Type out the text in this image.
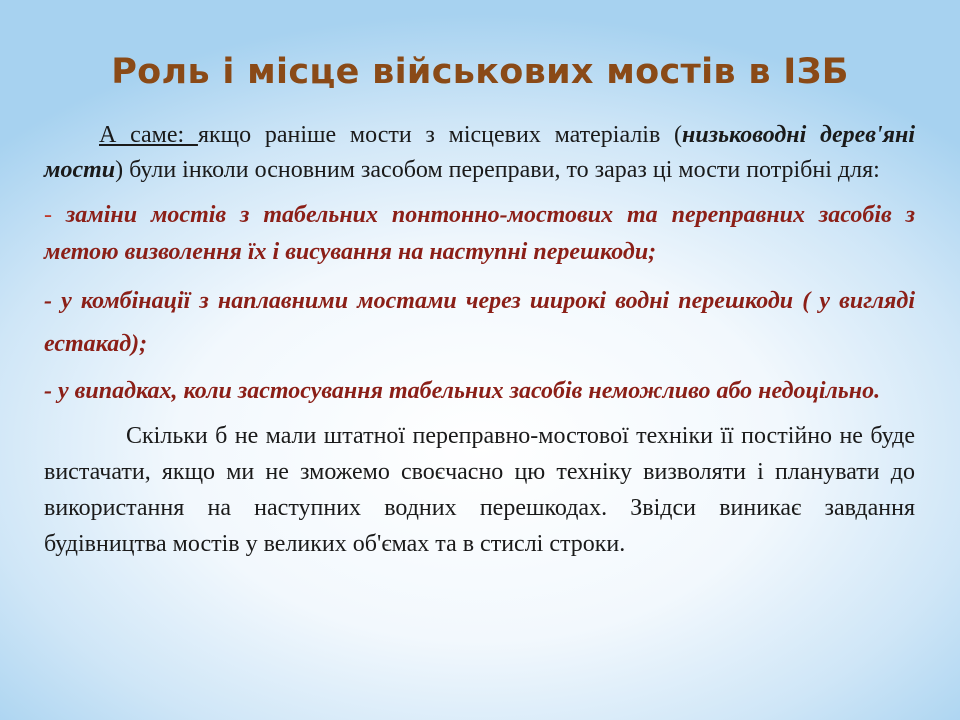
Роль і місце військових мостів в ІЗБ

А саме: якщо раніше мости з місцевих матеріалів (низьководні дерев'яні мости) були інколи основним засобом переправи, то зараз ці мости потрібні для:

- заміни мостів з табельних понтонно-мостових та переправних засобів з метою визволення їх і висування на наступні перешкоди;

- у комбінації з наплавними мостами через широкі водні перешкоди ( у вигляді естакад);

- у випадках, коли застосування табельних засобів неможливо або недоцільно.

Скільки б не мали штатної переправно-мостової техніки її постійно не буде вистачати, якщо ми не зможемо своєчасно цю техніку визволяти і планувати до використання на наступних водних перешкодах. Звідси виникає завдання будівництва мостів у великих об'ємах та в стислі строки.
